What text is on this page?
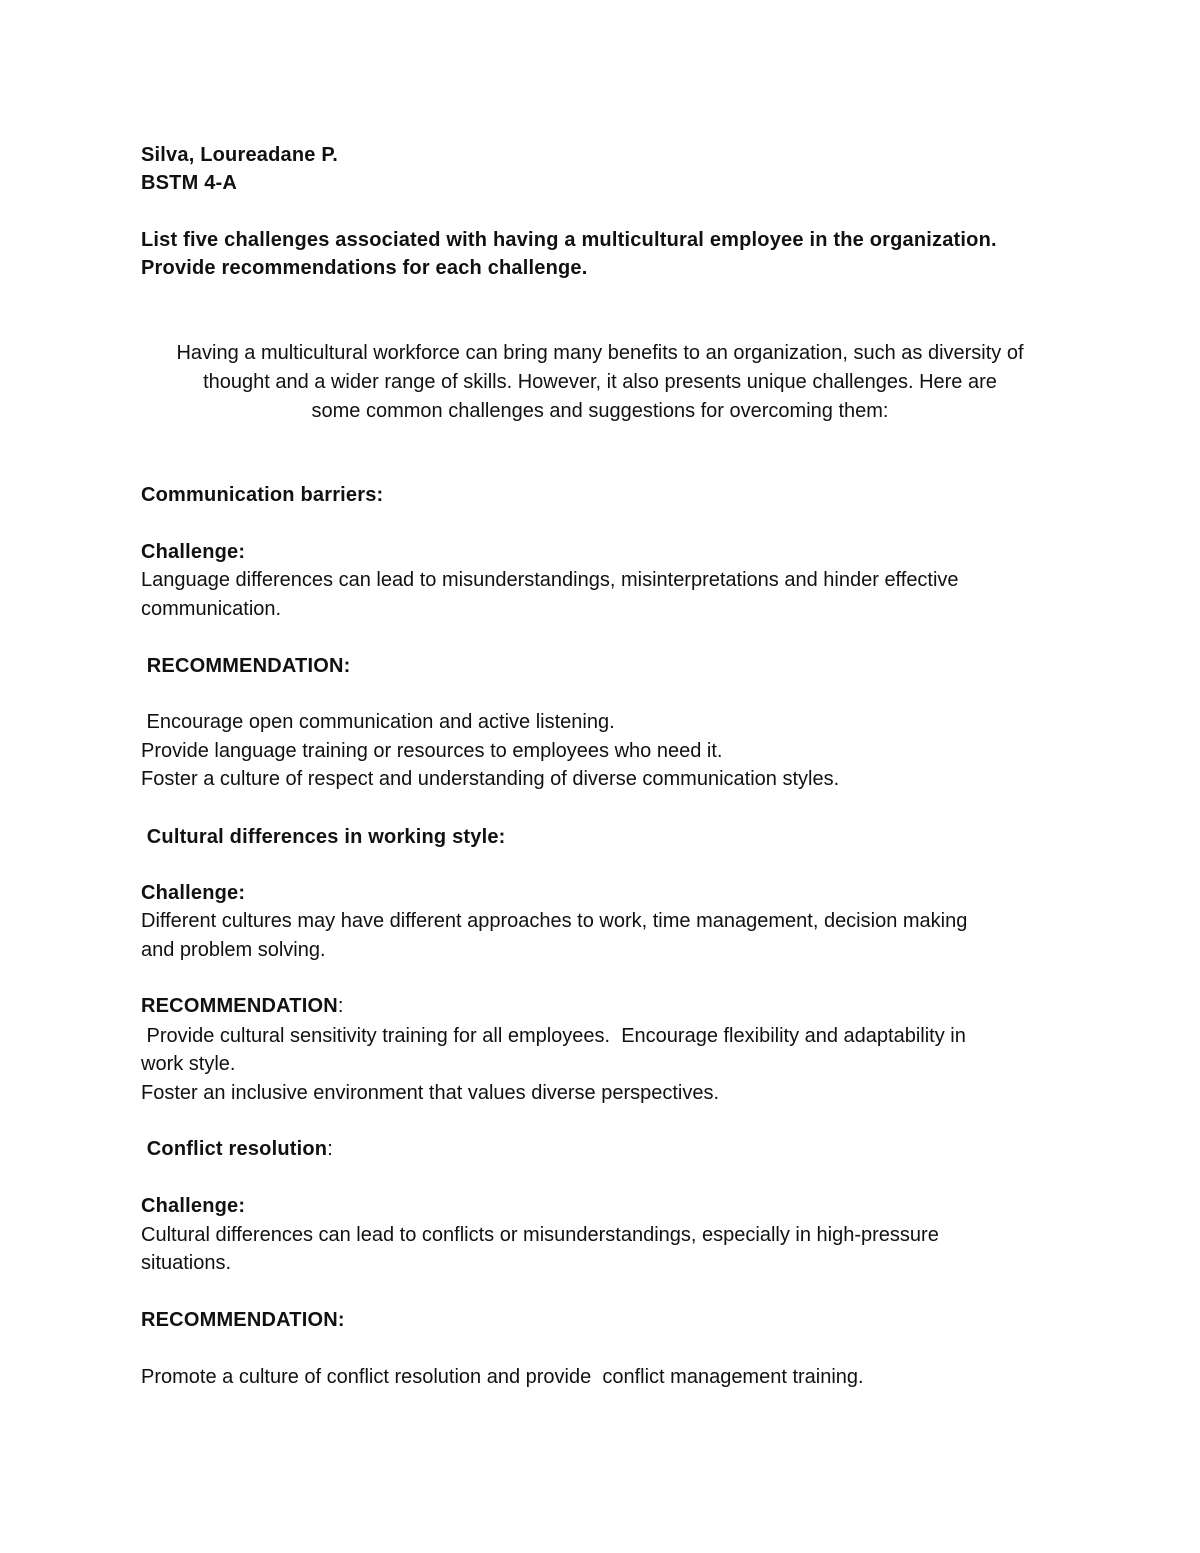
Silva, Loureadane P.
BSTM 4-A
List five challenges associated with having a multicultural employee in the organization.
Provide recommendations for each challenge.
Having a multicultural workforce can bring many benefits to an organization, such as diversity of
thought and a wider range of skills. However, it also presents unique challenges. Here are
some common challenges and suggestions for overcoming them:
Communication barriers:
Challenge:
Language differences can lead to misunderstandings, misinterpretations and hinder effective
communication.
RECOMMENDATION:
Encourage open communication and active listening.
Provide language training or resources to employees who need it.
Foster a culture of respect and understanding of diverse communication styles.
Cultural differences in working style:
Challenge:
Different cultures may have different approaches to work, time management, decision making
and problem solving.
RECOMMENDATION:
Provide cultural sensitivity training for all employees.  Encourage flexibility and adaptability in
work style.
Foster an inclusive environment that values diverse perspectives.
Conflict resolution:
Challenge:
Cultural differences can lead to conflicts or misunderstandings, especially in high-pressure
situations.
RECOMMENDATION:
Promote a culture of conflict resolution and provide  conflict management training.
